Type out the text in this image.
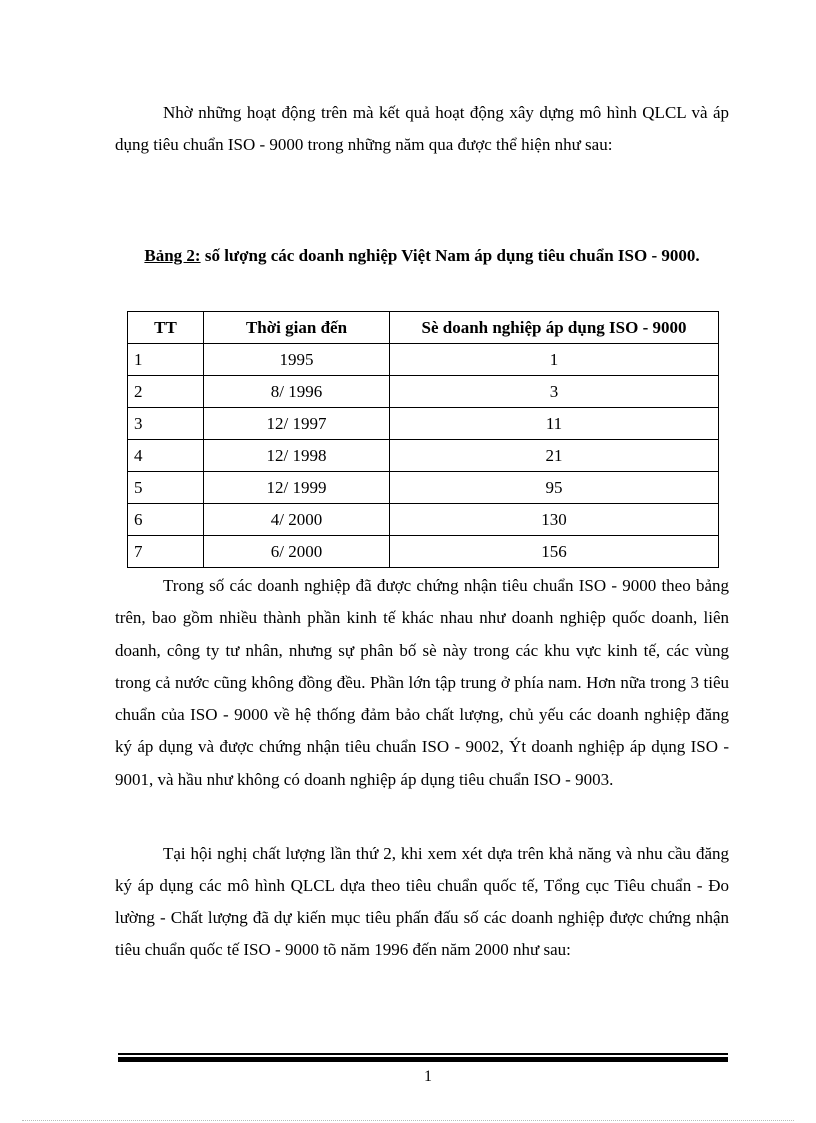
Nhờ những hoạt động trên mà kết quả hoạt động xây dựng mô hình QLCL và áp dụng tiêu chuẩn ISO - 9000 trong những năm qua được thể hiện như sau:

Bảng 2: số lượng các doanh nghiệp Việt Nam áp dụng tiêu chuẩn ISO - 9000.
TT	Thời gian đến	Sè doanh nghiệp áp dụng ISO - 9000
1	1995	1
2	8/ 1996	3
3	12/ 1997	11
4	12/ 1998	21
5	12/ 1999	95
6	4/ 2000	130
7	6/ 2000	156

Trong số các doanh nghiệp đã được chứng nhận tiêu chuẩn ISO - 9000 theo bảng trên, bao gồm nhiều thành phần kinh tế khác nhau như doanh nghiệp quốc doanh, liên doanh, công ty tư nhân, nhưng sự phân bố sè này trong các khu vực kinh tế, các vùng trong cả nước cũng không đồng đều. Phần lớn tập trung ở phía nam. Hơn nữa trong 3 tiêu chuẩn của ISO - 9000 về hệ thống đảm bảo chất lượng, chủ yếu các doanh nghiệp đăng ký áp dụng và được chứng nhận tiêu chuẩn ISO - 9002, Ýt doanh nghiệp áp dụng ISO - 9001, và hầu như không có doanh nghiệp áp dụng tiêu chuẩn ISO - 9003.

Tại hội nghị chất lượng lần thứ 2, khi xem xét dựa trên khả năng và nhu cầu đăng ký áp dụng các mô hình QLCL dựa theo tiêu chuẩn quốc tế, Tổng cục Tiêu chuẩn - Đo lường - Chất lượng đã dự kiến mục tiêu phấn đấu số các doanh nghiệp được chứng nhận tiêu chuẩn quốc tế ISO - 9000 tõ năm 1996 đến năm 2000 như sau:

1
